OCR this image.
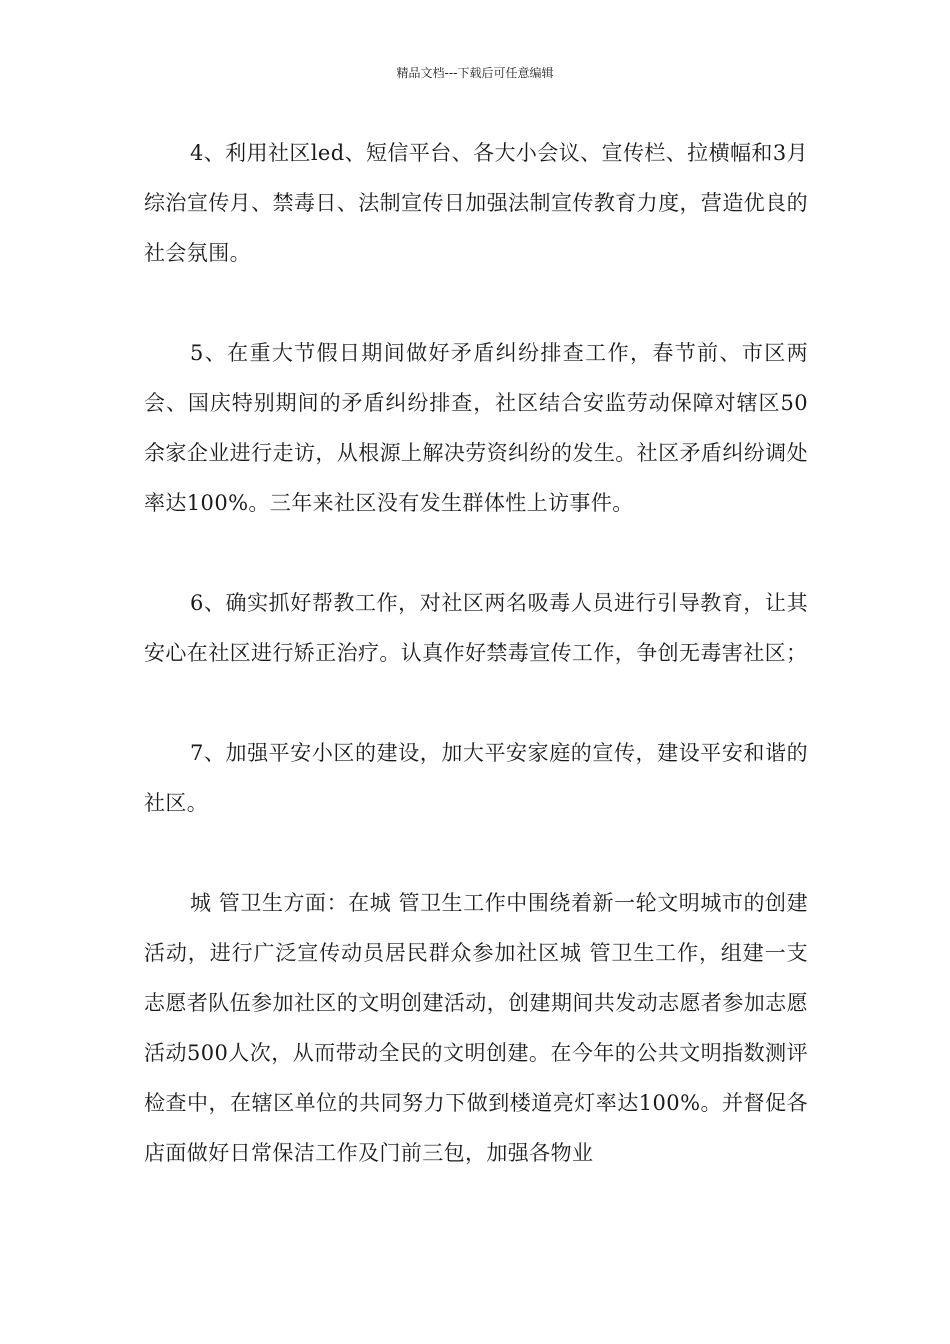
精品文档---下载后可任意编辑

4、利用社区led、短信平台、各大小会议、宣传栏、拉横幅和3月综治宣传月、禁毒日、法制宣传日加强法制宣传教育力度，营造优良的社会氛围。

5、在重大节假日期间做好矛盾纠纷排查工作，春节前、市区两会、国庆特别期间的矛盾纠纷排查，社区结合安监劳动保障对辖区50余家企业进行走访，从根源上解决劳资纠纷的发生。社区矛盾纠纷调处率达100%。三年来社区没有发生群体性上访事件。

6、确实抓好帮教工作，对社区两名吸毒人员进行引导教育，让其安心在社区进行矫正治疗。认真作好禁毒宣传工作，争创无毒害社区；

7、加强平安小区的建设，加大平安家庭的宣传，建设平安和谐的社区。

城 管卫生方面：在城 管卫生工作中围绕着新一轮文明城市的创建活动，进行广泛宣传动员居民群众参加社区城 管卫生工作，组建一支志愿者队伍参加社区的文明创建活动，创建期间共发动志愿者参加志愿活动500人次，从而带动全民的文明创建。在今年的公共文明指数测评检查中，在辖区单位的共同努力下做到楼道亮灯率达100%。并督促各店面做好日常保洁工作及门前三包，加强各物业
